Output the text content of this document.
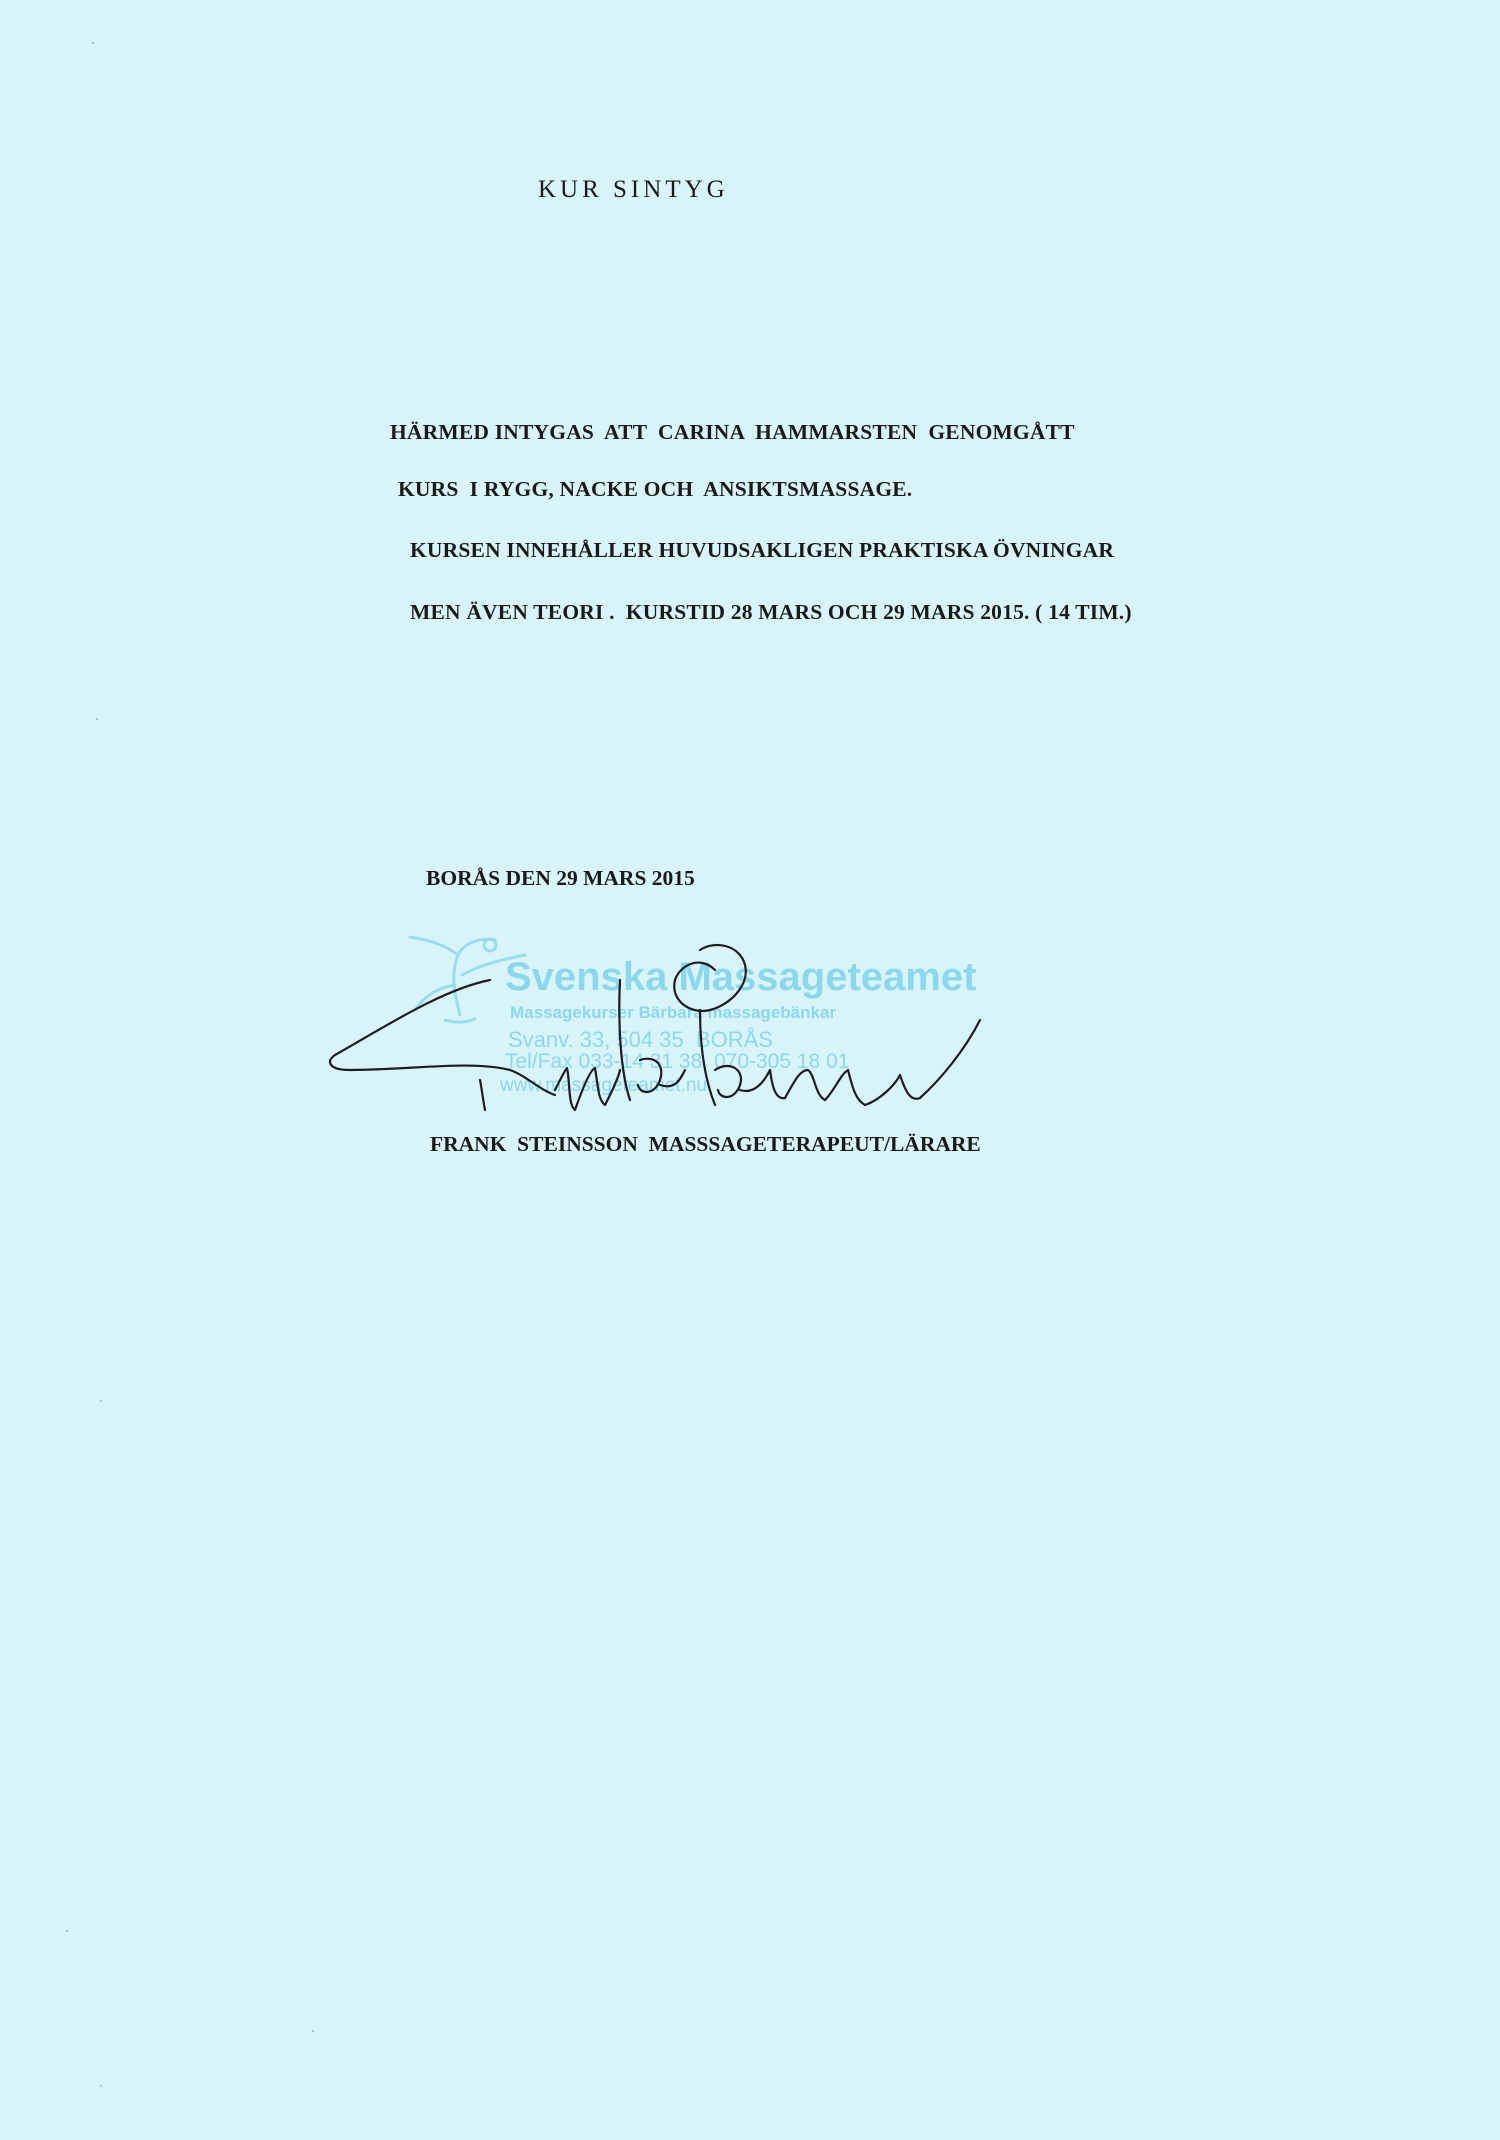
KUR SINTYG
HÄRMED INTYGAS  ATT  CARINA  HAMMARSTEN  GENOMGÅTT
KURS  I RYGG, NACKE OCH  ANSIKTSMASSAGE.
KURSEN INNEHÅLLER HUVUDSAKLIGEN PRAKTISKA ÖVNINGAR
MEN ÄVEN TEORI .  KURSTID 28 MARS OCH 29 MARS 2015. ( 14 TIM.)
BORÅS DEN 29 MARS 2015
Svenska Massageteamet
Massagekurser Bärbara massagebänkar
Svanv. 33, 504 35  BORÅS
Tel/Fax 033-14 31 38, 070-305 18 01
www.massageteamet.nu
FRANK  STEINSSON  MASSSAGETERAPEUT/LÄRARE
